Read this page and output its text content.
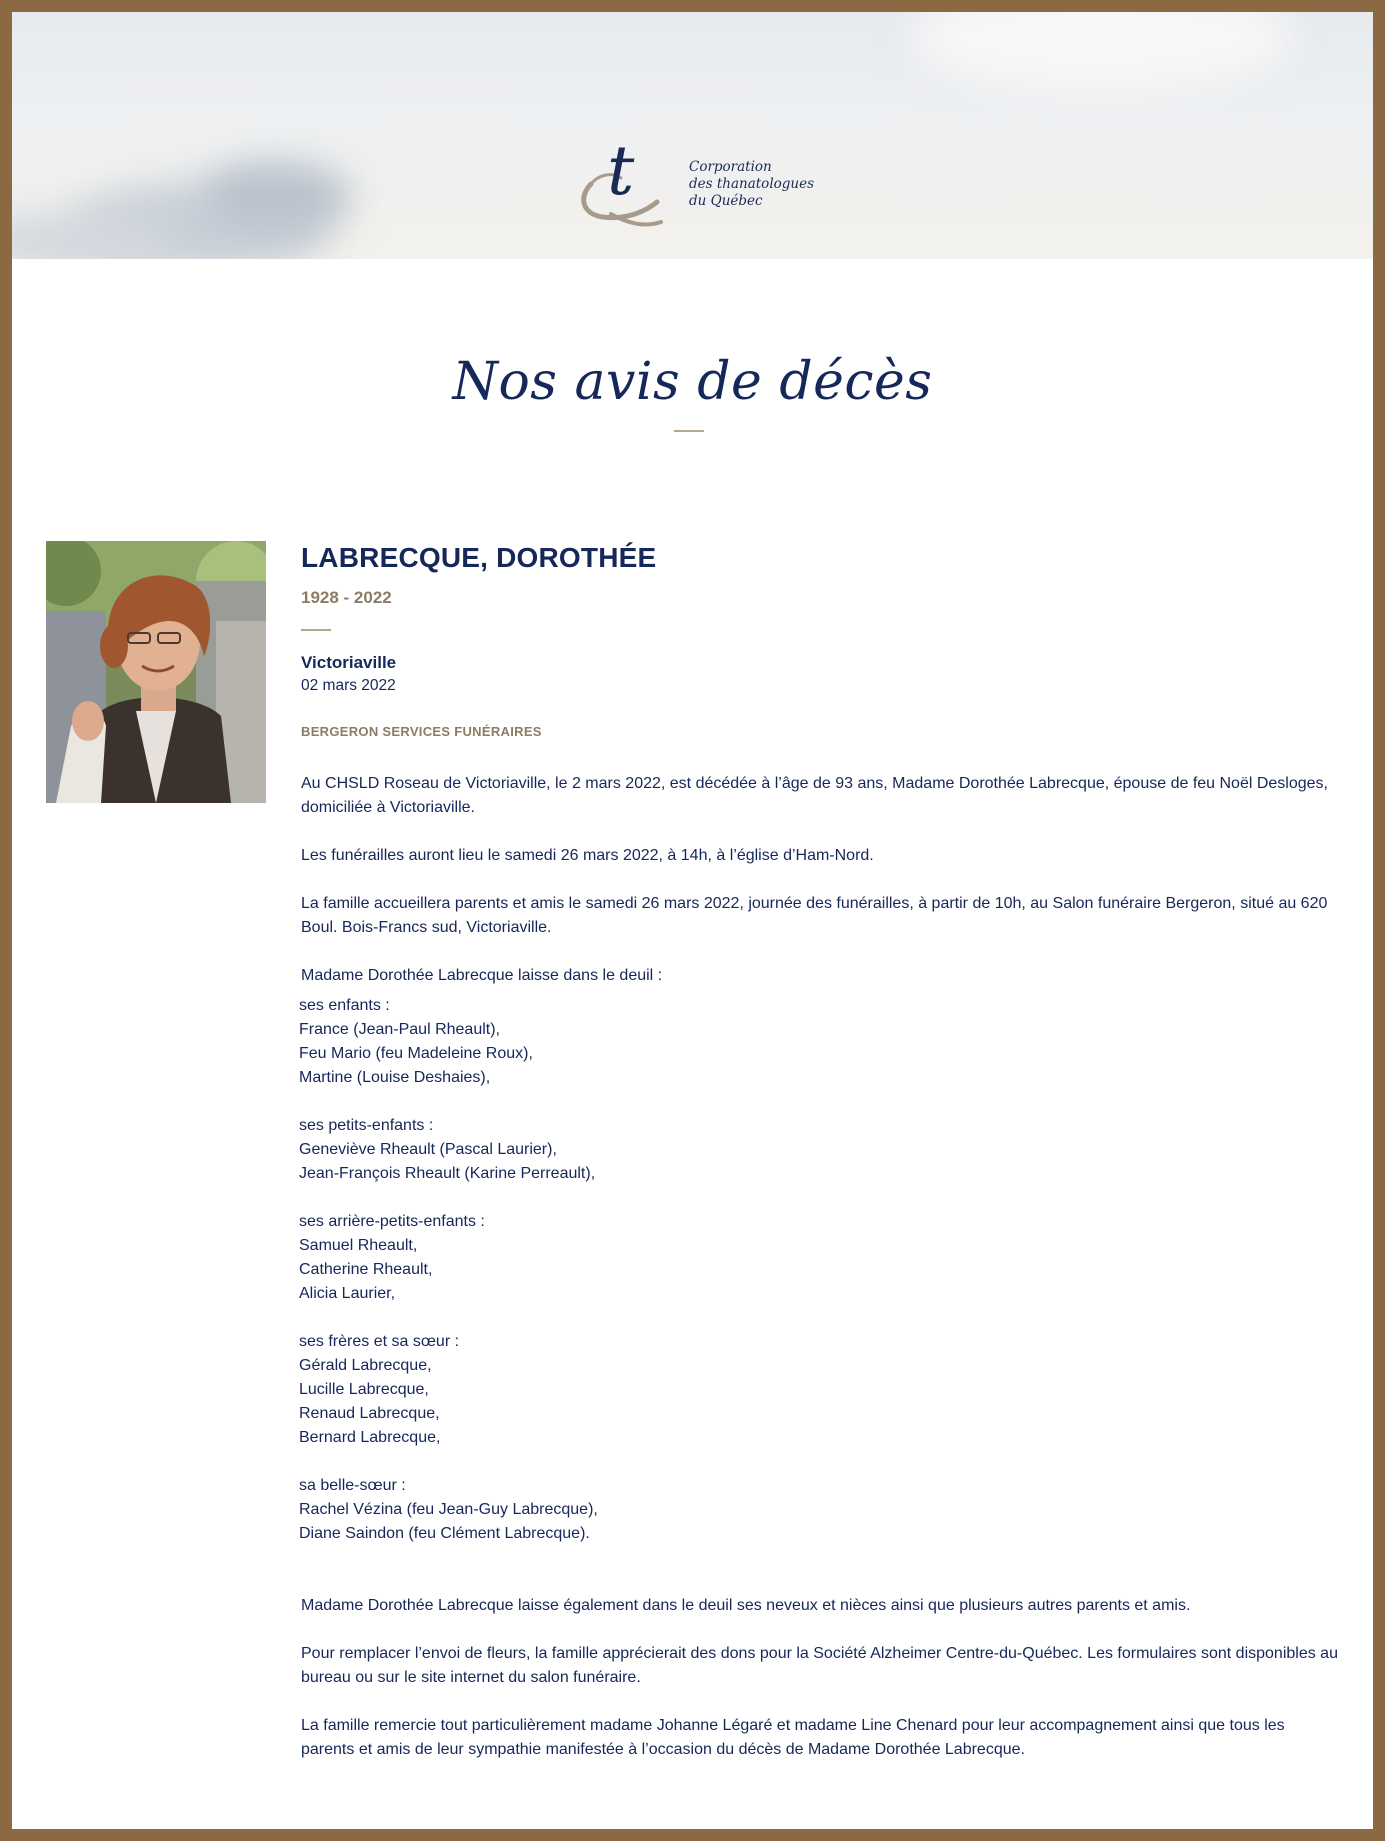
t	Corporation
des thanatologues
du Québec
Nos avis de décès
LABRECQUE, DOROTHÉE
1928 - 2022
Victoriaville
02 mars 2022
BERGERON SERVICES FUNÉRAIRES

Au CHSLD Roseau de Victoriaville, le 2 mars 2022, est décédée à l’âge de 93 ans, Madame Dorothée Labrecque, épouse de feu Noël Desloges, domiciliée à Victoriaville.

Les funérailles auront lieu le samedi 26 mars 2022, à 14h, à l’église d’Ham-Nord.

La famille accueillera parents et amis le samedi 26 mars 2022, journée des funérailles, à partir de 10h, au Salon funéraire Bergeron, situé au 620 Boul. Bois-Francs sud, Victoriaville.

Madame Dorothée Labrecque laisse dans le deuil :

ses enfants :
France (Jean-Paul Rheault),
Feu Mario (feu Madeleine Roux),
Martine (Louise Deshaies),
ses petits-enfants :
Geneviève Rheault (Pascal Laurier),
Jean-François Rheault (Karine Perreault),
ses arrière-petits-enfants :
Samuel Rheault,
Catherine Rheault,
Alicia Laurier,
ses frères et sa sœur :
Gérald Labrecque,
Lucille Labrecque,
Renaud Labrecque,
Bernard Labrecque,
sa belle-sœur :
Rachel Vézina (feu Jean-Guy Labrecque),
Diane Saindon (feu Clément Labrecque).

Madame Dorothée Labrecque laisse également dans le deuil ses neveux et nièces ainsi que plusieurs autres parents et amis.

Pour remplacer l’envoi de fleurs, la famille apprécierait des dons pour la Société Alzheimer Centre-du-Québec. Les formulaires sont disponibles au bureau ou sur le site internet du salon funéraire.

La famille remercie tout particulièrement madame Johanne Légaré et madame Line Chenard pour leur accompagnement ainsi que tous les parents et amis de leur sympathie manifestée à l’occasion du décès de Madame Dorothée Labrecque.
